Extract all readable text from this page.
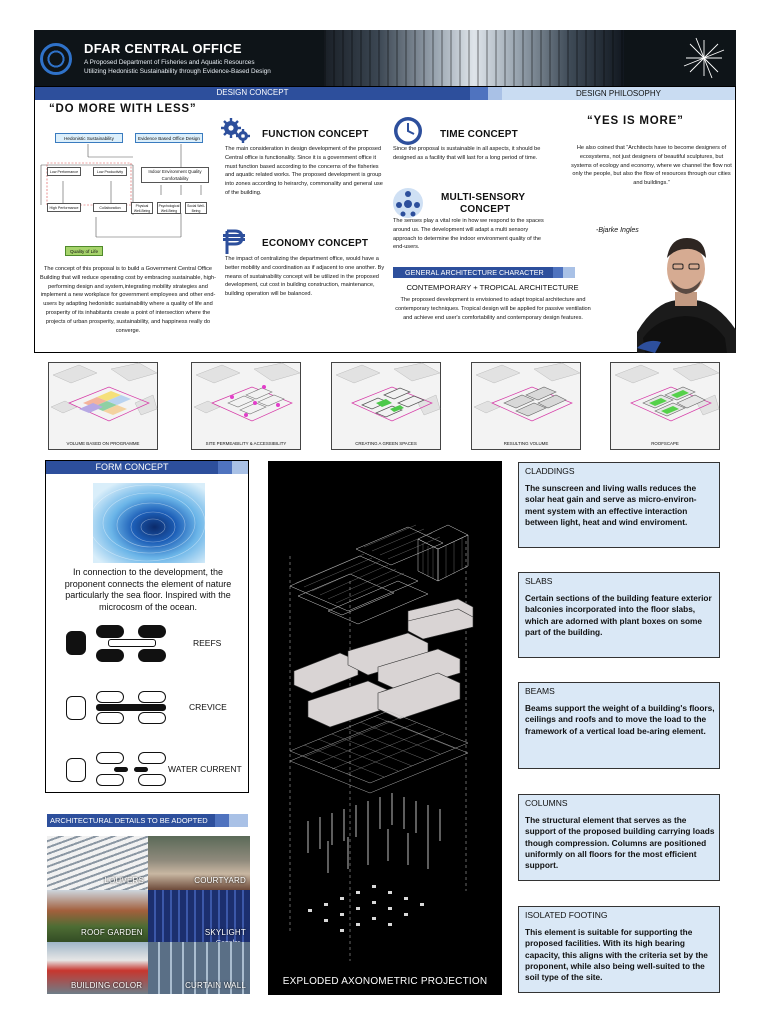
DFAR CENTRAL OFFICE
A Proposed Department of Fisheries and Aquatic Resources
Utilizing Hedonistic Sustainability through Evidence-Based Design
DESIGN CONCEPT	DESIGN PHILOSOPHY
“DO MORE WITH LESS”
Hedonistic Sustainability	Evidence Based Office Design
Indoor Environment Quality Comfortability
Low Performance	Low Productivity
High Performance	Collaboration	Physical Well-Being
Psychological Well-Being
Social Well-Being
Quality of Life
The concept of this proposal is to build a Government Central Office Building that will reduce operating cost by embracing sustainable, high-performing design and system,integrating mobility strategies and implement a new workplace for government employees and other end-users by adapting hedonistic sustainability where a quality of life and prosperity of its inhabitants create a point of intersection where the projects of urban prosperity, sustainability, and happiness really do converge.
FUNCTION CONCEPT
The main consideration in design development of the proposed Central office is functionality. Since it is a government office it must function based according to the concerns of the fisheries and aquatic related works. The proposed development is group into zones according to heirarchy, commonality and general use of the building.
ECONOMY CONCEPT
The impact of centralizing the department office, would have a better mobility and coordination as if adjacent to one another. By means of sustainability concept will be utilized in the proposed development, cut cost in building construction, maintenance, building operation will be balanced.
TIME CONCEPT
Since the proposal is sustainable in all aspects, it should be designed as a facility that will last for a long period of time.
MULTI-SENSORY
CONCEPT
The senses play a vital role in how we respond to the spaces around us. The development will adapt a multi sensory approach to determine the indoor environment quality of the end-users.
GENERAL ARCHITECTURE CHARACTER
CONTEMPORARY + TROPICAL ARCHITECTURE
The proposed development is envisioned to adapt tropical architecture and contemporary techniques. Tropical design will be applied for passive ventilation and achieve end user's comfortability and contemporary design features.
“YES IS MORE”
He also coined that “Architects have to become designers of ecosystems, not just designers of beautiful sculptures, but systems of ecology and economy, where we channel the flow not only the people, but also the flow of resources through our cities and buildings.”
-Bjarke Ingles
VOLUME BASED ON PROGRAMME	SITE PERMEABILITY & ACCESSIBILITY	CREATING A GREEN SPACES	RESULTING VOLUME	ROOFSCAPE
FORM CONCEPT
In connection to the development, the proponent connects the element of nature particularly the sea floor. Inspired with the microcosm of the ocean.
REEFS
CREVICE
WATER CURRENT
ARCHITECTURAL DETAILS TO BE ADOPTED
LOUVERS	COURTYARD
ROOF GARDEN	SKYLIGHT
BUILDING COLOR	CURTAIN WALL	EXPLODED AXONOMETRIC PROJECTION
CLADDINGS
The sunscreen and living walls reduces the solar heat gain and serve as micro-environ-ment system with an effective interaction between light, heat and wind enviroment.
SLABS
Certain sections of the building feature exterior balconies incorporated into the floor slabs, which are adorned with plant boxes on some part of the building.
BEAMS
Beams support the weight of a building's floors, ceilings and roofs and to move the load to the framework of a vertical load be-aring element.
COLUMNS
The structural element that serves as the support of the proposed building carrying loads though compression. Columns are positioned uniformly on all floors for the most efficient support.
ISOLATED FOOTING
This element is suitable for supporting the proposed facilities. With its high bearing capacity, this aligns with the criteria set by the proponent, while also being well-suited to the soil type of the site.
